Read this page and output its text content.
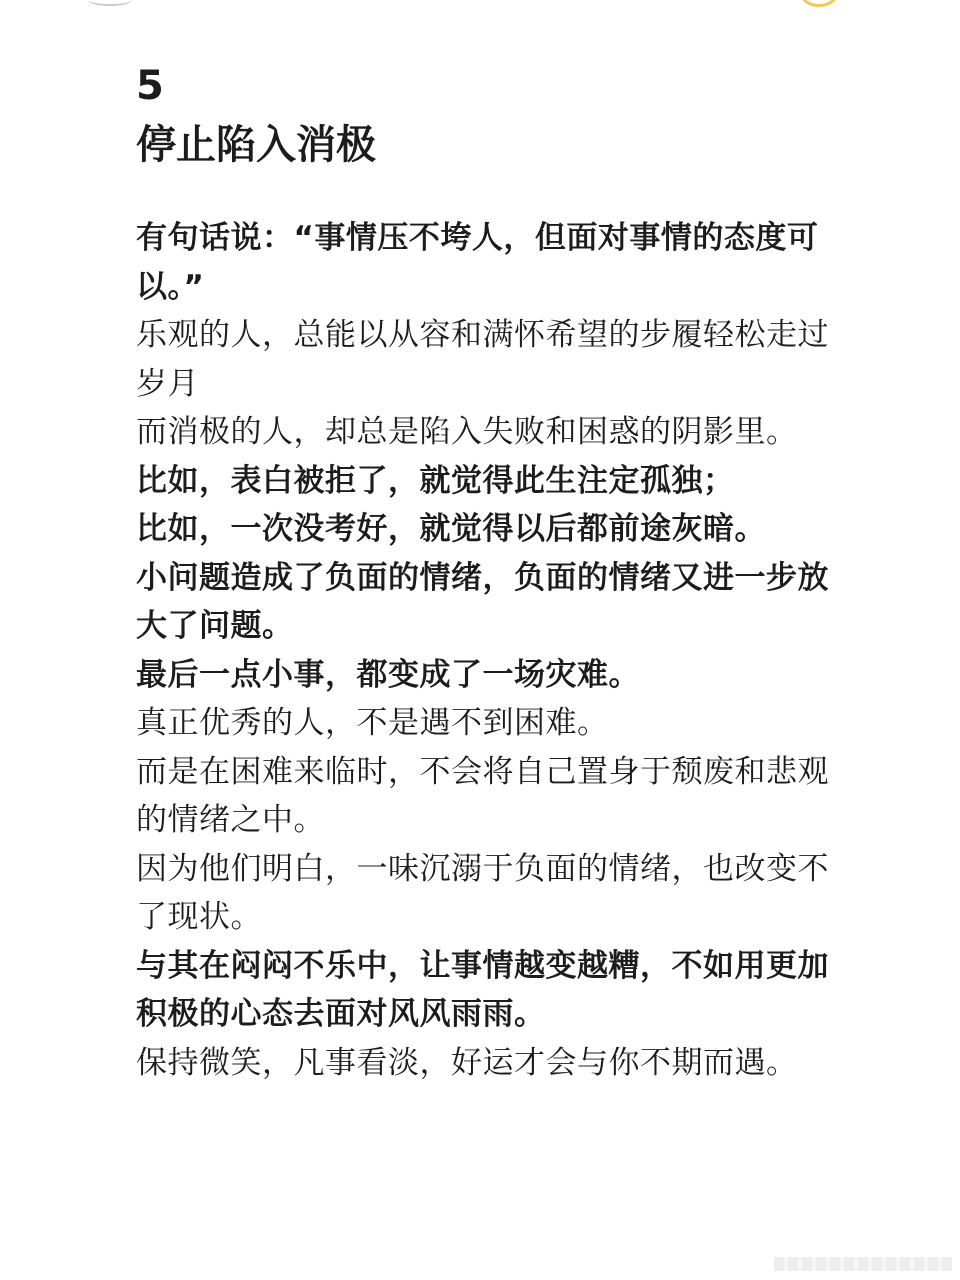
5
停止陷入消极

有句话说：“事情压不垮人，但面对事情的态度可以。”

乐观的人，总能以从容和满怀希望的步履轻松走过岁月

而消极的人，却总是陷入失败和困惑的阴影里。

比如，表白被拒了，就觉得此生注定孤独；

比如，一次没考好，就觉得以后都前途灰暗。

小问题造成了负面的情绪，负面的情绪又进一步放大了问题。

最后一点小事，都变成了一场灾难。

真正优秀的人，不是遇不到困难。

而是在困难来临时，不会将自己置身于颓废和悲观的情绪之中。

因为他们明白，一味沉溺于负面的情绪，也改变不了现状。

与其在闷闷不乐中，让事情越变越糟，不如用更加积极的心态去面对风风雨雨。

保持微笑，凡事看淡，好运才会与你不期而遇。
